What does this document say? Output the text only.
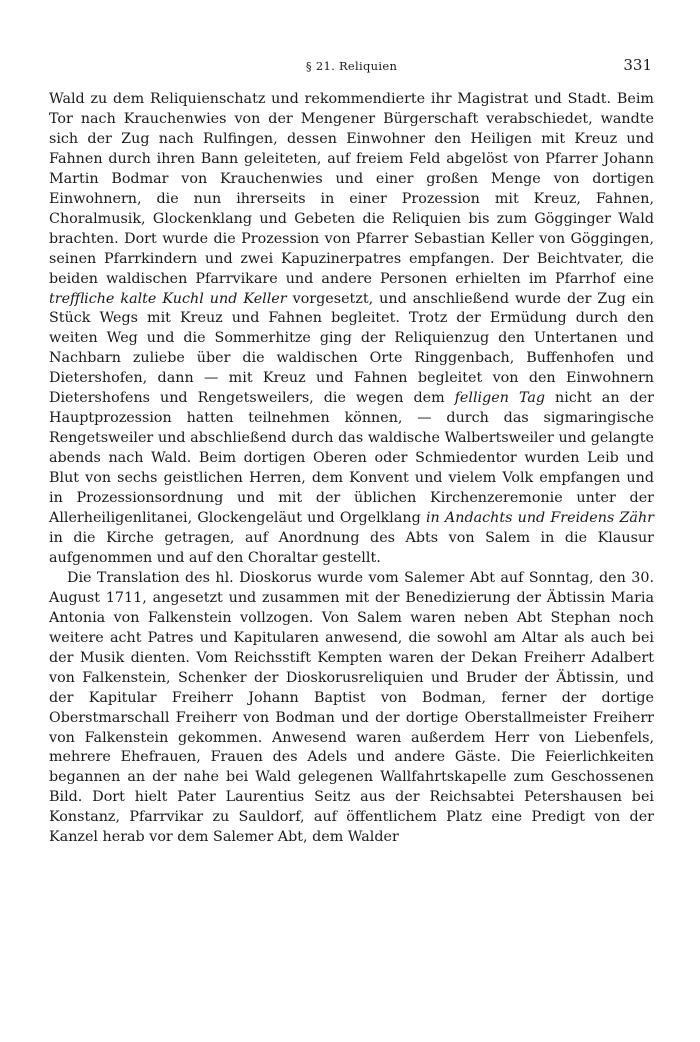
§ 21. Reliquien	331

Wald zu dem Reliquienschatz und rekommendierte ihr Magistrat und Stadt. Beim Tor nach Krauchenwies von der Mengener Bürgerschaft verabschiedet, wandte sich der Zug nach Rulfingen, dessen Einwohner den Heiligen mit Kreuz und Fahnen durch ihren Bann geleiteten, auf freiem Feld abgelöst von Pfarrer Johann Martin Bodmar von Krauchenwies und einer großen Menge von dortigen Einwohnern, die nun ihrerseits in einer Prozession mit Kreuz, Fahnen, Choralmusik, Glockenklang und Gebeten die Reliquien bis zum Gögginger Wald brachten. Dort wurde die Prozession von Pfarrer Sebastian Keller von Göggingen, seinen Pfarrkindern und zwei Kapuzinerpatres empfangen. Der Beichtvater, die beiden waldischen Pfarrvikare und andere Personen erhielten im Pfarrhof eine treffliche kalte Kuchl und Keller vorgesetzt, und anschließend wurde der Zug ein Stück Wegs mit Kreuz und Fahnen begleitet. Trotz der Ermüdung durch den weiten Weg und die Sommerhitze ging der Reliquienzug den Untertanen und Nachbarn zuliebe über die waldischen Orte Ringgenbach, Buffenhofen und Dietershofen, dann — mit Kreuz und Fahnen begleitet von den Einwohnern Dietershofens und Rengetsweilers, die wegen dem felligen Tag nicht an der Hauptprozession hatten teilnehmen können, — durch das sigmaringische Rengetsweiler und abschließend durch das waldische Walbertsweiler und gelangte abends nach Wald. Beim dortigen Oberen oder Schmiedentor wurden Leib und Blut von sechs geistlichen Herren, dem Konvent und vielem Volk empfangen und in Prozessionsordnung und mit der üblichen Kirchenzeremonie unter der Allerheiligenlitanei, Glockengeläut und Orgelklang in Andachts und Freidens Zähr in die Kirche getragen, auf Anordnung des Abts von Salem in die Klausur aufgenommen und auf den Choraltar gestellt.

Die Translation des hl. Dioskorus wurde vom Salemer Abt auf Sonntag, den 30. August 1711, angesetzt und zusammen mit der Benedizierung der Äbtissin Maria Antonia von Falkenstein vollzogen. Von Salem waren neben Abt Stephan noch weitere acht Patres und Kapitularen anwesend, die sowohl am Altar als auch bei der Musik dienten. Vom Reichsstift Kempten waren der Dekan Freiherr Adalbert von Falkenstein, Schenker der Dioskorusreliquien und Bruder der Äbtissin, und der Kapitular Freiherr Johann Baptist von Bodman, ferner der dortige Oberstmarschall Freiherr von Bodman und der dortige Oberstallmeister Freiherr von Falkenstein gekommen. Anwesend waren außerdem Herr von Liebenfels, mehrere Ehefrauen, Frauen des Adels und andere Gäste. Die Feierlichkeiten begannen an der nahe bei Wald gelegenen Wallfahrtskapelle zum Geschossenen Bild. Dort hielt Pater Laurentius Seitz aus der Reichsabtei Petershausen bei Konstanz, Pfarrvikar zu Sauldorf, auf öffentlichem Platz eine Predigt von der Kanzel herab vor dem Salemer Abt, dem Walder
